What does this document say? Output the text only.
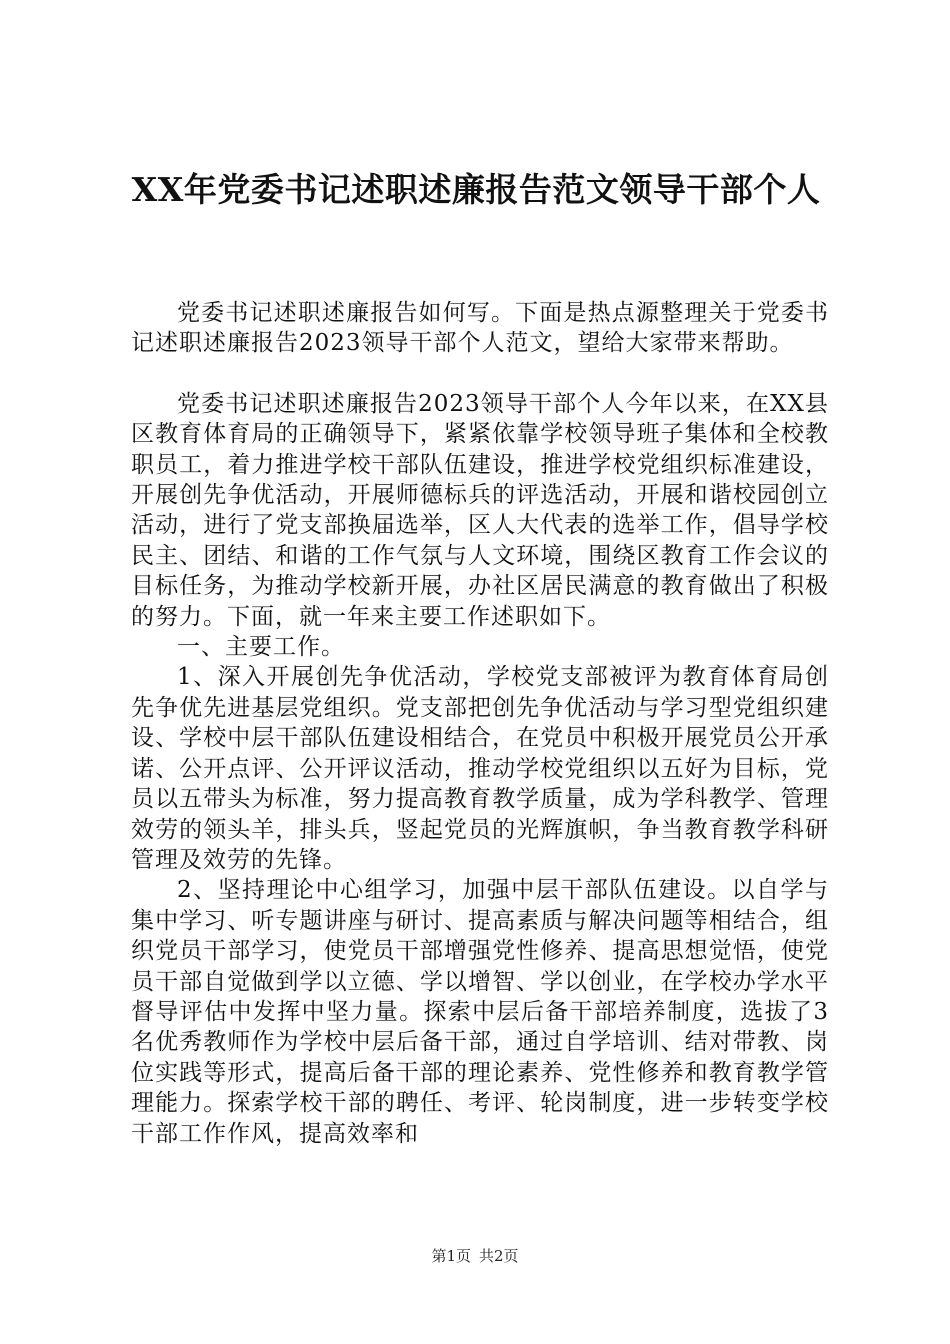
XX年党委书记述职述廉报告范文领导干部个人

党委书记述职述廉报告如何写。下面是热点源整理关于党委书记述职述廉报告2023领导干部个人范文，望给大家带来帮助。

党委书记述职述廉报告2023领导干部个人今年以来，在XX县区教育体育局的正确领导下，紧紧依靠学校领导班子集体和全校教职员工，着力推进学校干部队伍建设，推进学校党组织标准建设，开展创先争优活动，开展师德标兵的评选活动，开展和谐校园创立活动，进行了党支部换届选举，区人大代表的选举工作，倡导学校民主、团结、和谐的工作气氛与人文环境，围绕区教育工作会议的目标任务，为推动学校新开展，办社区居民满意的教育做出了积极的努力。下面，就一年来主要工作述职如下。

一、主要工作。

1、深入开展创先争优活动，学校党支部被评为教育体育局创先争优先进基层党组织。党支部把创先争优活动与学习型党组织建设、学校中层干部队伍建设相结合，在党员中积极开展党员公开承诺、公开点评、公开评议活动，推动学校党组织以五好为目标，党员以五带头为标准，努力提高教育教学质量，成为学科教学、管理效劳的领头羊，排头兵，竖起党员的光辉旗帜，争当教育教学科研管理及效劳的先锋。

2、坚持理论中心组学习，加强中层干部队伍建设。以自学与集中学习、听专题讲座与研讨、提高素质与解决问题等相结合，组织党员干部学习，使党员干部增强党性修养、提高思想觉悟，使党员干部自觉做到学以立德、学以增智、学以创业，在学校办学水平督导评估中发挥中坚力量。探索中层后备干部培养制度，选拔了3名优秀教师作为学校中层后备干部，通过自学培训、结对带教、岗位实践等形式，提高后备干部的理论素养、党性修养和教育教学管理能力。探索学校干部的聘任、考评、轮岗制度，进一步转变学校干部工作作风，提高效率和

第1页 共2页
